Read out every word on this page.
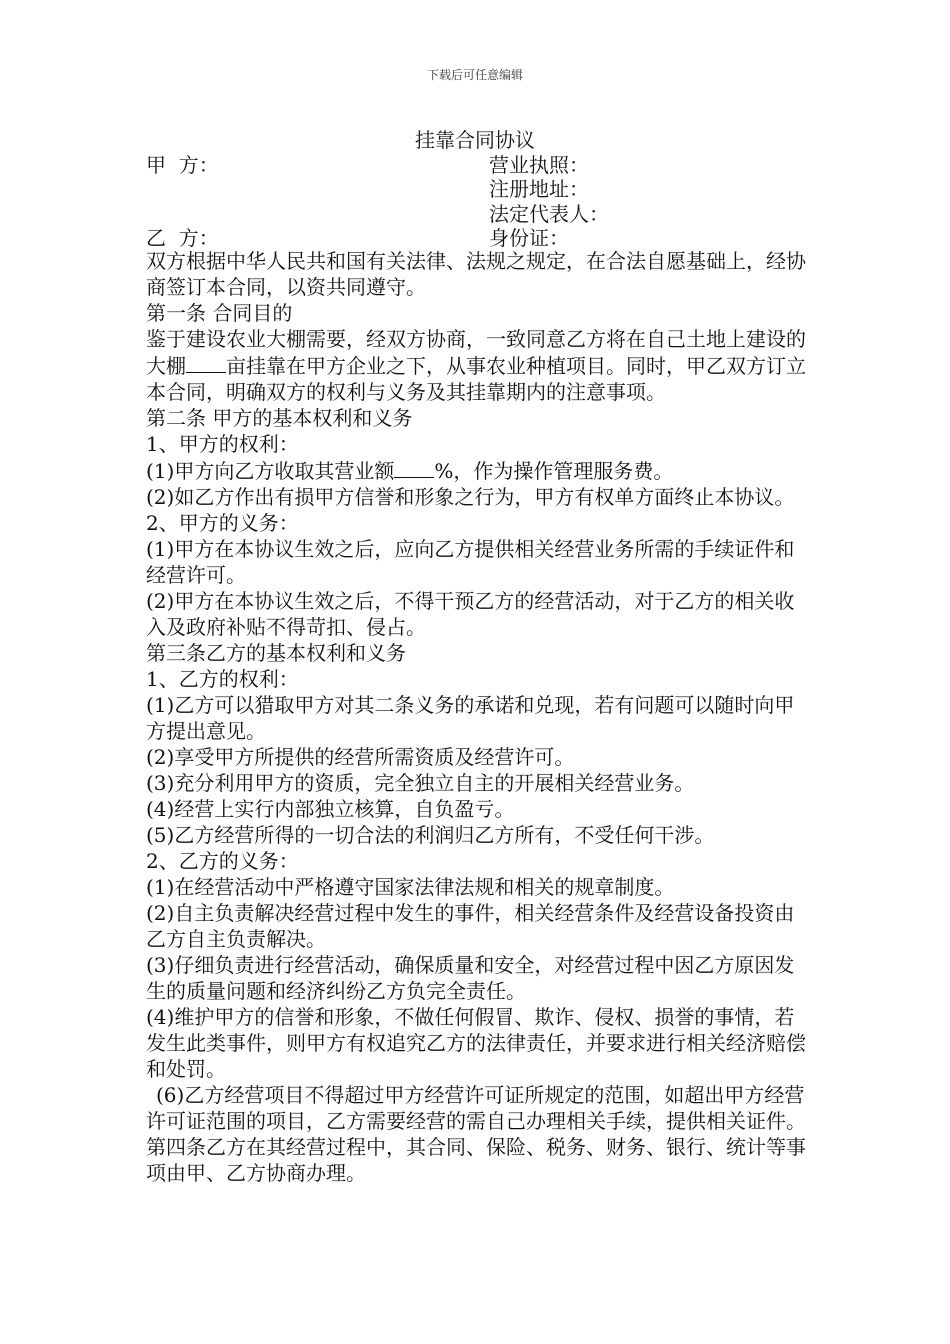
下载后可任意编辑
挂靠合同协议
甲  方：	营业执照：
注册地址：
法定代表人：
乙  方：	身份证：

双方根据中华人民共和国有关法律、法规之规定，在合法自愿基础上，经协商签订本合同，以资共同遵守。

第一条 合同目的

鉴于建设农业大棚需要，经双方协商，一致同意乙方将在自己土地上建设的大棚 亩挂靠在甲方企业之下，从事农业种植项目。同时，甲乙双方订立本合同，明确双方的权利与义务及其挂靠期内的注意事项。

第二条 甲方的基本权利和义务

1、甲方的权利：

(1)甲方向乙方收取其营业额 %，作为操作管理服务费。

(2)如乙方作出有损甲方信誉和形象之行为，甲方有权单方面终止本协议。

2、甲方的义务：

(1)甲方在本协议生效之后，应向乙方提供相关经营业务所需的手续证件和经营许可。

(2)甲方在本协议生效之后，不得干预乙方的经营活动，对于乙方的相关收入及政府补贴不得苛扣、侵占。

第三条乙方的基本权利和义务

1、乙方的权利：

(1)乙方可以猎取甲方对其二条义务的承诺和兑现，若有问题可以随时向甲方提出意见。

(2)享受甲方所提供的经营所需资质及经营许可。

(3)充分利用甲方的资质，完全独立自主的开展相关经营业务。

(4)经营上实行内部独立核算，自负盈亏。

(5)乙方经营所得的一切合法的利润归乙方所有，不受任何干涉。

2、乙方的义务：

(1)在经营活动中严格遵守国家法律法规和相关的规章制度。

(2)自主负责解决经营过程中发生的事件，相关经营条件及经营设备投资由乙方自主负责解决。

(3)仔细负责进行经营活动，确保质量和安全，对经营过程中因乙方原因发生的质量问题和经济纠纷乙方负完全责任。

(4)维护甲方的信誉和形象，不做任何假冒、欺诈、侵权、损誉的事情，若发生此类事件，则甲方有权追究乙方的法律责任，并要求进行相关经济赔偿和处罚。

(6)乙方经营项目不得超过甲方经营许可证所规定的范围，如超出甲方经营许可证范围的项目，乙方需要经营的需自己办理相关手续，提供相关证件。

第四条乙方在其经营过程中，其合同、保险、税务、财务、银行、统计等事项由甲、乙方协商办理。
